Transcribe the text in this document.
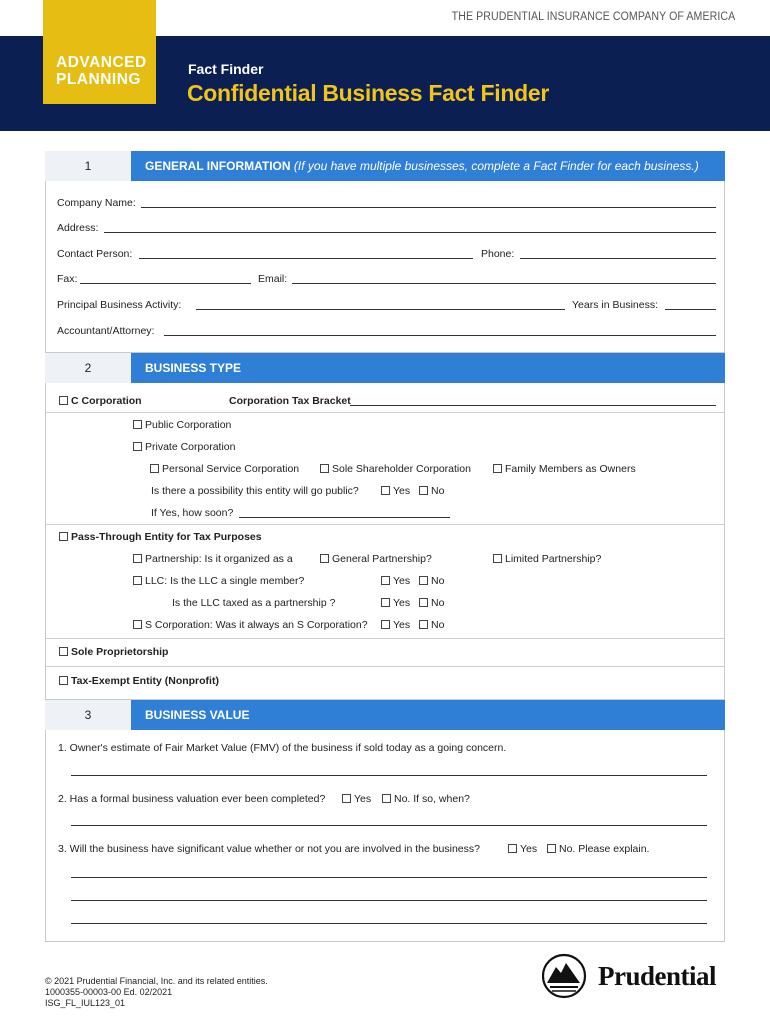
THE PRUDENTIAL INSURANCE COMPANY OF AMERICA
ADVANCED
PLANNING
Fact Finder
Confidential Business Fact Finder
1	GENERAL INFORMATION (If you have multiple businesses, complete a Fact Finder for each business.)
Company Name:
Address:
Contact Person:	Phone:
Fax:	Email:
Principal Business Activity:	Years in Business:
Accountant/Attorney:
2	BUSINESS TYPE
C Corporation	Corporation Tax Bracket
Public Corporation
Private Corporation
Personal Service Corporation	Sole Shareholder Corporation	Family Members as Owners
Is there a possibility this entity will go public?	Yes	No
If Yes, how soon?
Pass-Through Entity for Tax Purposes
Partnership: Is it organized as a	General Partnership?	Limited Partnership?
LLC: Is the LLC a single member?	Yes	No
Is the LLC taxed as a partnership ?	Yes	No
S Corporation: Was it always an S Corporation?	Yes	No
Sole Proprietorship
Tax-Exempt Entity (Nonprofit)
3	BUSINESS VALUE
1. Owner's estimate of Fair Market Value (FMV) of the business if sold today as a going concern.
2. Has a formal business valuation ever been completed?	Yes	No. If so, when?
3. Will the business have significant value whether or not you are involved in the business?	Yes	No. Please explain.
© 2021 Prudential Financial, Inc. and its related entities.
1000355-00003-00 Ed. 02/2021
ISG_FL_IUL123_01
Prudential
